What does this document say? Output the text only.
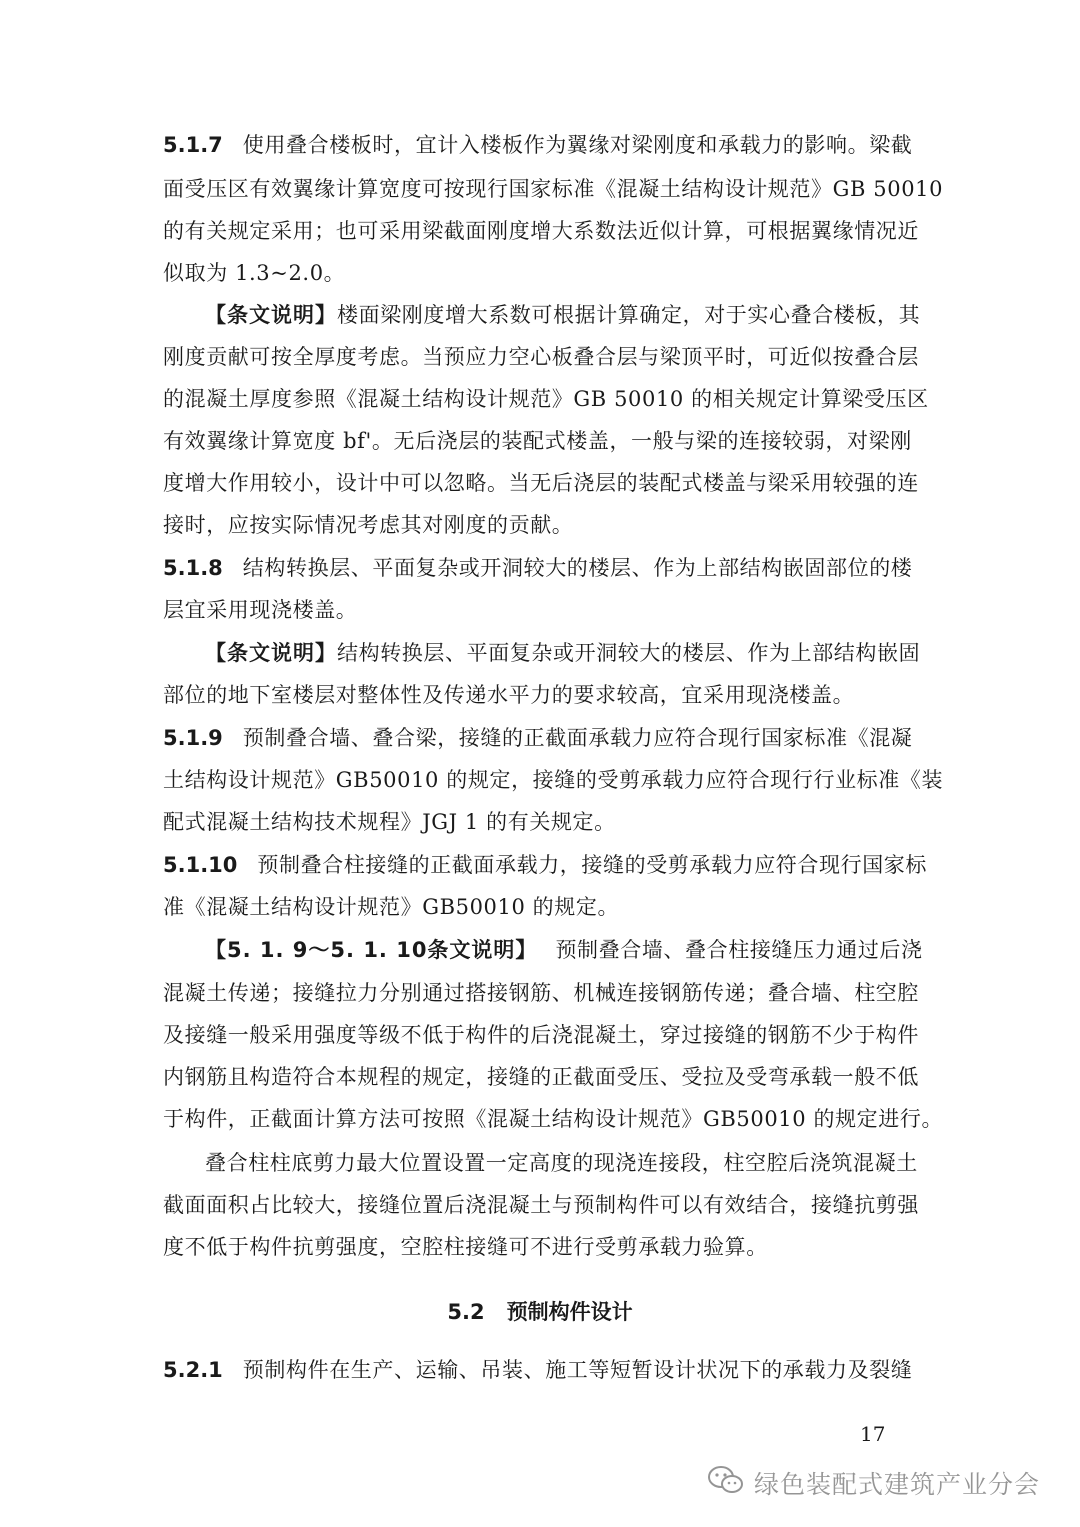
5.1.7 使用叠合楼板时，宜计入楼板作为翼缘对梁刚度和承载力的影响。梁截
面受压区有效翼缘计算宽度可按现行国家标准《混凝土结构设计规范》GB 50010
的有关规定采用；也可采用梁截面刚度增大系数法近似计算，可根据翼缘情况近
似取为 1.3~2.0。
【条文说明】楼面梁刚度增大系数可根据计算确定，对于实心叠合楼板，其
刚度贡献可按全厚度考虑。当预应力空心板叠合层与梁顶平时，可近似按叠合层
的混凝土厚度参照《混凝土结构设计规范》GB 50010 的相关规定计算梁受压区
有效翼缘计算宽度 bf'。无后浇层的装配式楼盖，一般与梁的连接较弱，对梁刚
度增大作用较小，设计中可以忽略。当无后浇层的装配式楼盖与梁采用较强的连
接时，应按实际情况考虑其对刚度的贡献。
5.1.8 结构转换层、平面复杂或开洞较大的楼层、作为上部结构嵌固部位的楼
层宜采用现浇楼盖。
【条文说明】结构转换层、平面复杂或开洞较大的楼层、作为上部结构嵌固
部位的地下室楼层对整体性及传递水平力的要求较高，宜采用现浇楼盖。
5.1.9 预制叠合墙、叠合梁，接缝的正截面承载力应符合现行国家标准《混凝
土结构设计规范》GB50010 的规定，接缝的受剪承载力应符合现行行业标准《装
配式混凝土结构技术规程》JGJ 1 的有关规定。
5.1.10 预制叠合柱接缝的正截面承载力，接缝的受剪承载力应符合现行国家标
准《混凝土结构设计规范》GB50010 的规定。
【5. 1. 9～5. 1. 10条文说明】 预制叠合墙、叠合柱接缝压力通过后浇
混凝土传递；接缝拉力分别通过搭接钢筋、机械连接钢筋传递；叠合墙、柱空腔
及接缝一般采用强度等级不低于构件的后浇混凝土，穿过接缝的钢筋不少于构件
内钢筋且构造符合本规程的规定，接缝的正截面受压、受拉及受弯承载一般不低
于构件，正截面计算方法可按照《混凝土结构设计规范》GB50010 的规定进行。
叠合柱柱底剪力最大位置设置一定高度的现浇连接段，柱空腔后浇筑混凝土
截面面积占比较大，接缝位置后浇混凝土与预制构件可以有效结合，接缝抗剪强
度不低于构件抗剪强度，空腔柱接缝可不进行受剪承载力验算。
5.2 预制构件设计
5.2.1 预制构件在生产、运输、吊装、施工等短暂设计状况下的承载力及裂缝
17
绿色装配式建筑产业分会
